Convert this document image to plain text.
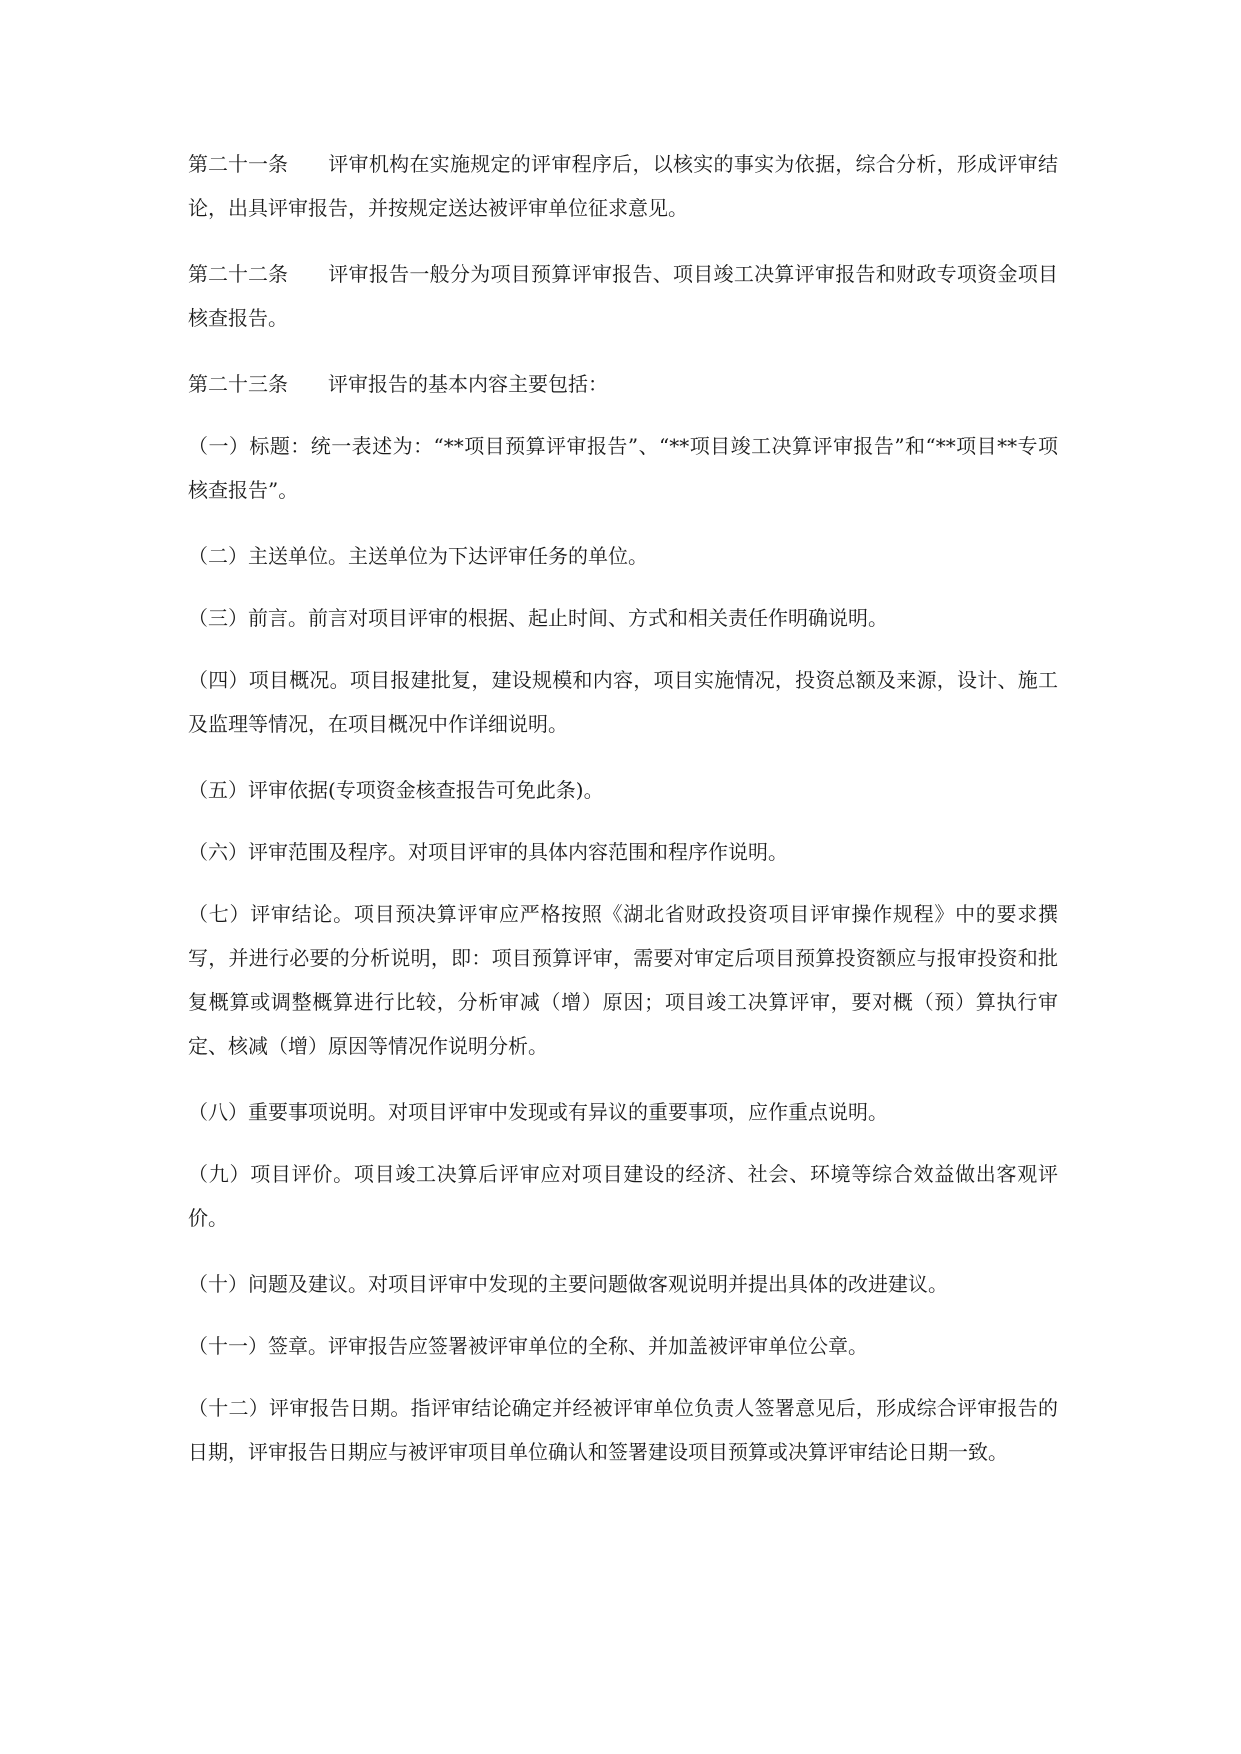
第二十一条 评审机构在实施规定的评审程序后，以核实的事实为依据，综合分析，形成评审结论，出具评审报告，并按规定送达被评审单位征求意见。

第二十二条 评审报告一般分为项目预算评审报告、项目竣工决算评审报告和财政专项资金项目核查报告。

第二十三条 评审报告的基本内容主要包括：

（一）标题：统一表述为：“**项目预算评审报告”、“**项目竣工决算评审报告”和“**项目**专项核查报告”。

（二）主送单位。主送单位为下达评审任务的单位。

（三）前言。前言对项目评审的根据、起止时间、方式和相关责任作明确说明。

（四）项目概况。项目报建批复，建设规模和内容，项目实施情况，投资总额及来源，设计、施工及监理等情况，在项目概况中作详细说明。

（五）评审依据(专项资金核查报告可免此条)。

（六）评审范围及程序。对项目评审的具体内容范围和程序作说明。

（七）评审结论。项目预决算评审应严格按照《湖北省财政投资项目评审操作规程》中的要求撰写，并进行必要的分析说明，即：项目预算评审，需要对审定后项目预算投资额应与报审投资和批复概算或调整概算进行比较，分析审减（增）原因；项目竣工决算评审，要对概（预）算执行审定、核减（增）原因等情况作说明分析。

（八）重要事项说明。对项目评审中发现或有异议的重要事项，应作重点说明。

（九）项目评价。项目竣工决算后评审应对项目建设的经济、社会、环境等综合效益做出客观评价。

（十）问题及建议。对项目评审中发现的主要问题做客观说明并提出具体的改进建议。

（十一）签章。评审报告应签署被评审单位的全称、并加盖被评审单位公章。

（十二）评审报告日期。指评审结论确定并经被评审单位负责人签署意见后，形成综合评审报告的日期，评审报告日期应与被评审项目单位确认和签署建设项目预算或决算评审结论日期一致。
